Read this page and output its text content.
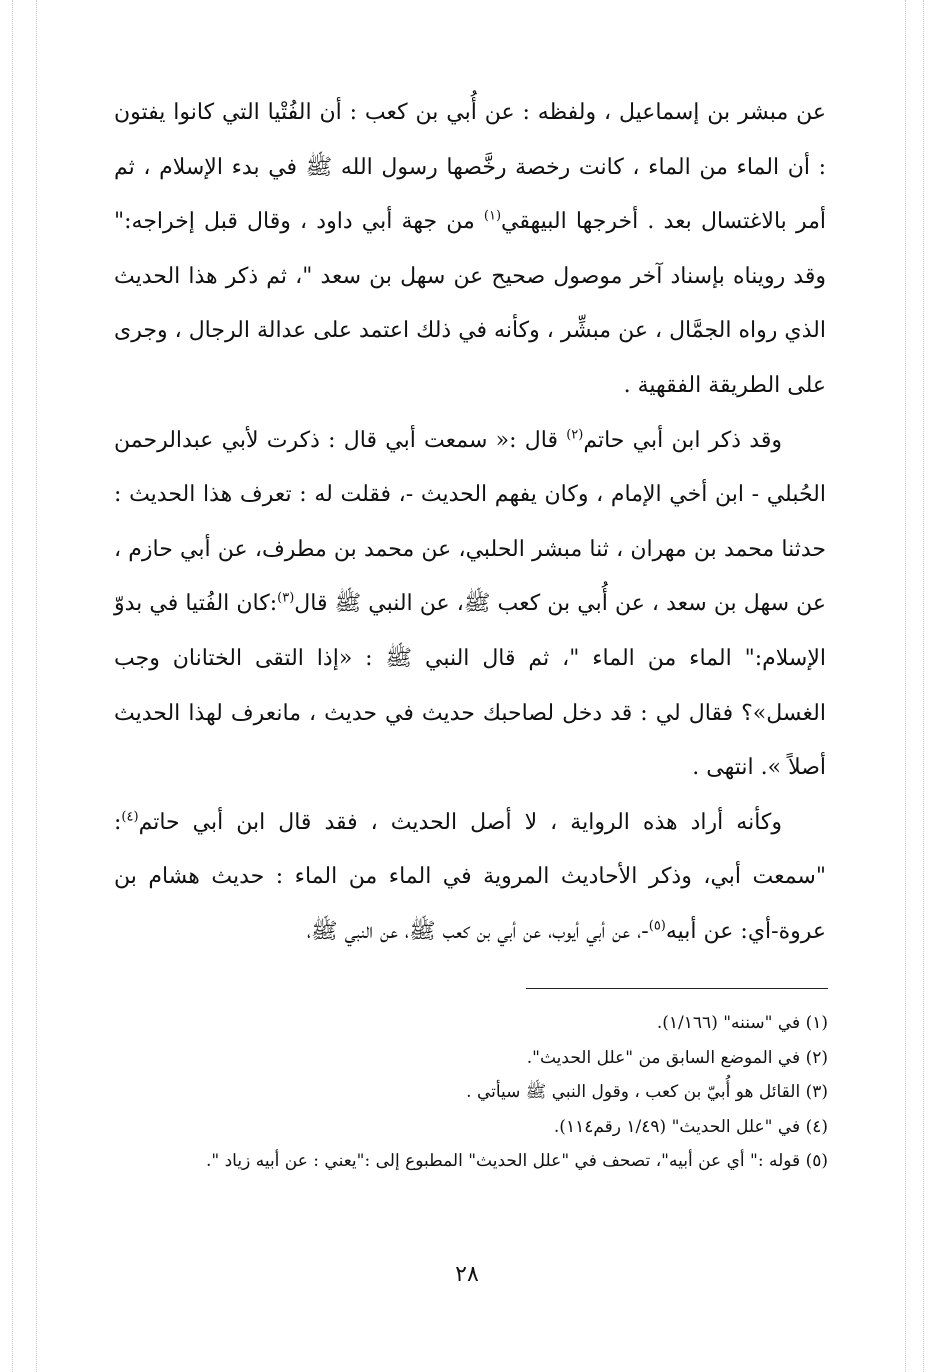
عن مبشر بن إسماعيل ، ولفظه : عن أُبي بن كعب : أن الفُتْيا التي كانوا يفتون : أن الماء من الماء ، كانت رخصة رخَّصها رسول الله ﷺ في بدء الإسلام ، ثم أمر بالاغتسال بعد . أخرجها البيهقي$^{(١)}$ من جهة أبي داود ، وقال قبل إخراجه:" وقد رويناه بإسناد آخر موصول صحيح عن سهل بن سعد "، ثم ذكر هذا الحديث الذي رواه الجمَّال ، عن مبشِّر ، وكأنه في ذلك اعتمد على عدالة الرجال ، وجرى على الطريقة الفقهية .

وقد ذكر ابن أبي حاتم$^{(٢)}$ قال :« سمعت أبي قال : ذكرت لأبي عبدالرحمن الحُبلي - ابن أخي الإمام ، وكان يفهم الحديث -، فقلت له : تعرف هذا الحديث : حدثنا محمد بن مهران ، ثنا مبشر الحلبي، عن محمد بن مطرف، عن أبي حازم ، عن سهل بن سعد ، عن أُبي بن كعب ﷺ، عن النبي ﷺ قال$^{(٣)}$:كان الفُتيا في بدوّ الإسلام:" الماء من الماء "، ثم قال النبي ﷺ : «إذا التقى الختانان وجب الغسل»؟ فقال لي : قد دخل لصاحبك حديث في حديث ، مانعرف لهذا الحديث أصلاً ». انتهى .

وكأنه أراد هذه الرواية ، لا أصل الحديث ، فقد قال ابن أبي حاتم$^{(٤)}$: "سمعت أبي، وذكر الأحاديث المروية في الماء من الماء : حديث هشام بن عروة-أي: عن أبيه$^{(٥)}$-، عن أبي أيوب، عن أبي بن كعب ﷺ، عن النبي ﷺ،

(١) في "سننه" (١/١٦٦).

(٢) في الموضع السابق من "علل الحديث".

(٣) القائل هو أُبيّ بن كعب ، وقول النبي ﷺ سيأتي .

(٤) في "علل الحديث" (١/٤٩ رقم١١٤).

(٥) قوله :" أي عن أبيه"، تصحف في "علل الحديث" المطبوع إلى :"يعني : عن أبيه زياد ".

٢٨
